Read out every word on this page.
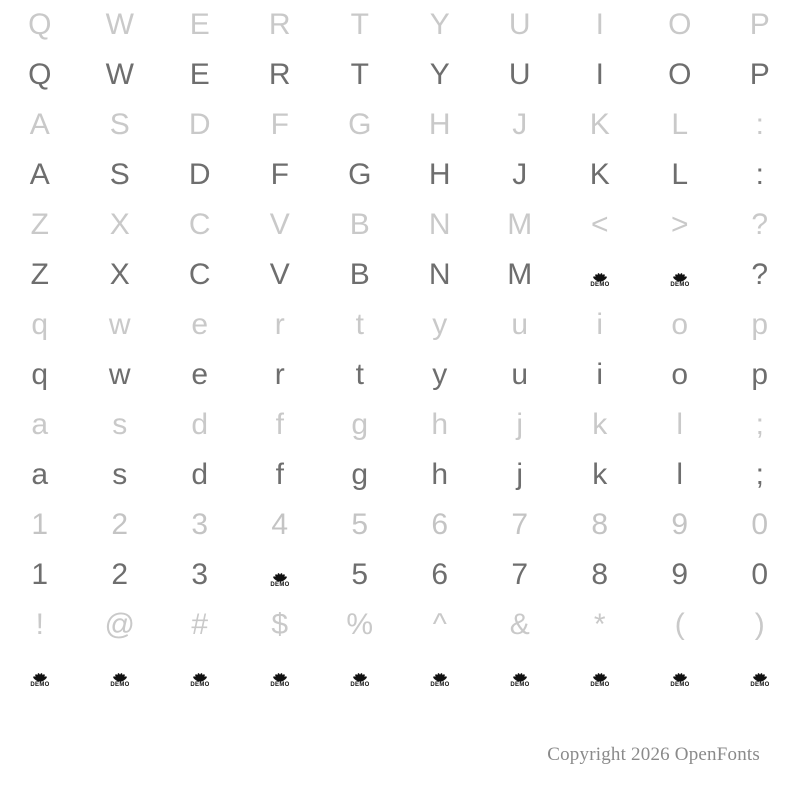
Q W E R T Y U I O P
Q W E R T Y U I O P
A S D F G H J K L :
A S D F G H J K L :
Z X C V B N M < > ?
Z X C V B N M	DEMO	DEMO ?
q w e r t y u i o p
q w e r t y u i o p
a s d f g h j k l ;
a s d f g h j k l ;
1 2 3 4 5 6 7 8 9 0
1 2 3	DEMO 5 6 7 8 9 0
! @ # $ % ^ & * ( )
DEMO	DEMO	DEMO	DEMO	DEMO	DEMO	DEMO	DEMO	DEMO	DEMO
Copyright 2026 OpenFonts
